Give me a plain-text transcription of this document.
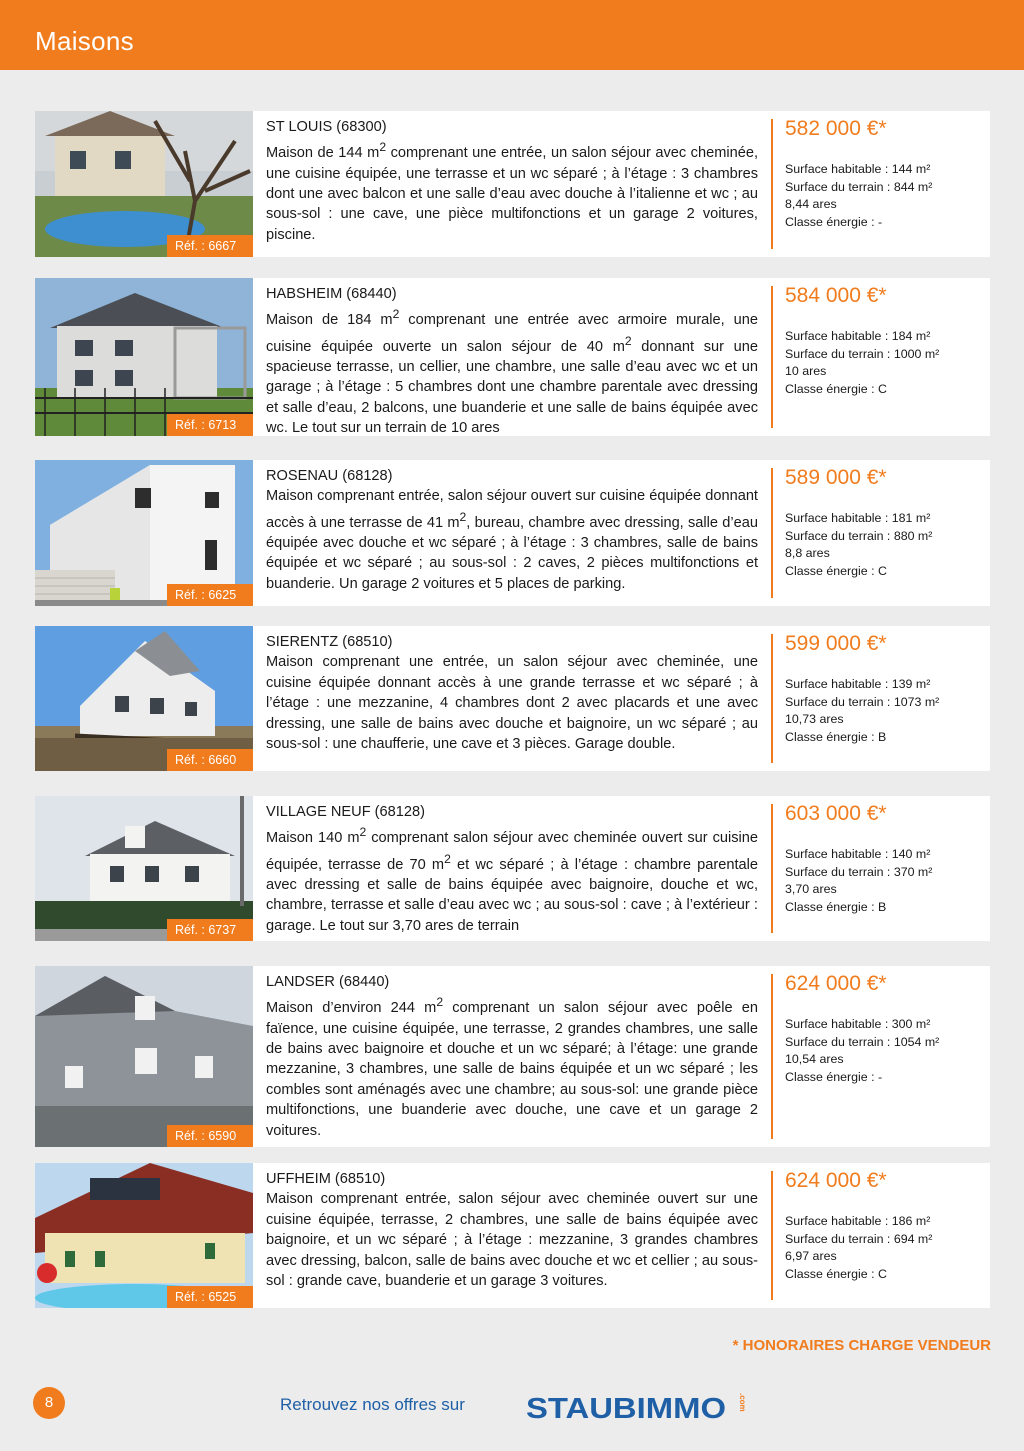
Maisons
Réf. : 6667
ST LOUIS (68300)
Maison de 144 $m^2$ comprenant une entrée, un salon séjour avec cheminée, une cuisine équipée, une terrasse et un wc séparé ; à l’étage : 3 chambres dont une avec balcon et une salle d’eau avec douche à l’italienne et wc ; au sous-sol : une cave, une pièce multifonctions et un garage 2 voitures, piscine.
582 000 €*
Surface habitable : 144 m²
Surface du terrain : 844 m²
8,44 ares
Classe énergie : -
Réf. : 6713
HABSHEIM (68440)
Maison de 184 $m^2$ comprenant une entrée avec armoire murale, une cuisine équipée ouverte un salon séjour de 40 $m^2$ donnant sur une spacieuse terrasse, un cellier, une chambre, une salle d’eau avec wc et un garage ; à l’étage : 5 chambres dont une chambre parentale avec dressing et salle d’eau, 2 balcons, une buanderie et une salle de bains équipée avec wc. Le tout sur un terrain de 10 ares
584 000 €*
Surface habitable : 184 m²
Surface du terrain : 1000 m²
10 ares
Classe énergie : C
Réf. : 6625
ROSENAU (68128)
Maison comprenant entrée, salon séjour ouvert sur cuisine équipée donnant accès à une terrasse de 41 $m^2$, bureau, chambre avec dressing, salle d’eau équipée avec douche et wc séparé ; à l’étage : 3 chambres, salle de bains équipée et wc séparé ; au sous-sol : 2 caves, 2 pièces multifonctions et buanderie. Un garage 2 voitures et 5 places de parking.
589 000 €*
Surface habitable : 181 m²
Surface du terrain : 880 m²
8,8 ares
Classe énergie : C
Réf. : 6660
SIERENTZ (68510)
Maison comprenant une entrée, un salon séjour avec cheminée, une cuisine équipée donnant accès à une grande terrasse et wc séparé ; à l’étage : une mezzanine, 4 chambres dont 2 avec placards et une avec dressing, une salle de bains avec douche et baignoire, un wc séparé ; au sous-sol : une chaufferie, une cave et 3 pièces. Garage double.
599 000 €*
Surface habitable : 139 m²
Surface du terrain : 1073 m²
10,73 ares
Classe énergie : B
Réf. : 6737
VILLAGE NEUF (68128)
Maison 140 $m^2$ comprenant salon séjour avec cheminée ouvert sur cuisine équipée, terrasse de 70 $m^2$ et wc séparé ; à l’étage : chambre parentale avec dressing et salle de bains équipée avec baignoire, douche et wc, chambre, terrasse et salle d’eau avec wc ; au sous-sol : cave ; à l’extérieur : garage. Le tout sur 3,70 ares de terrain
603 000 €*
Surface habitable : 140 m²
Surface du terrain : 370 m²
3,70 ares
Classe énergie : B
Réf. : 6590
LANDSER (68440)
Maison d’environ 244 $m^2$ comprenant un salon séjour avec poêle en faïence, une cuisine équipée, une terrasse, 2 grandes chambres, une salle de bains avec baignoire et douche et un wc séparé; à l’étage: une grande mezzanine, 3 chambres, une salle de bains équipée et un wc séparé ; les combles sont aménagés avec une chambre; au sous-sol: une grande pièce multifonctions, une buanderie avec douche, une cave et un garage 2 voitures.
624 000 €*
Surface habitable : 300 m²
Surface du terrain : 1054 m²
10,54 ares
Classe énergie : -
Réf. : 6525
UFFHEIM (68510)
Maison comprenant entrée, salon séjour avec cheminée ouvert sur une cuisine équipée, terrasse, 2 chambres, une salle de bains équipée avec baignoire, et un wc séparé ; à l’étage : mezzanine, 3 grandes chambres avec dressing, balcon, salle de bains avec douche et wc et cellier ; au sous-sol : grande cave, buanderie et un garage 3 voitures.
624 000 €*
Surface habitable : 186 m²
Surface du terrain : 694 m²
6,97 ares
Classe énergie : C
* HONORAIRES CHARGE VENDEUR
8	Retrouvez nos offres sur STAUBIMMO .com
